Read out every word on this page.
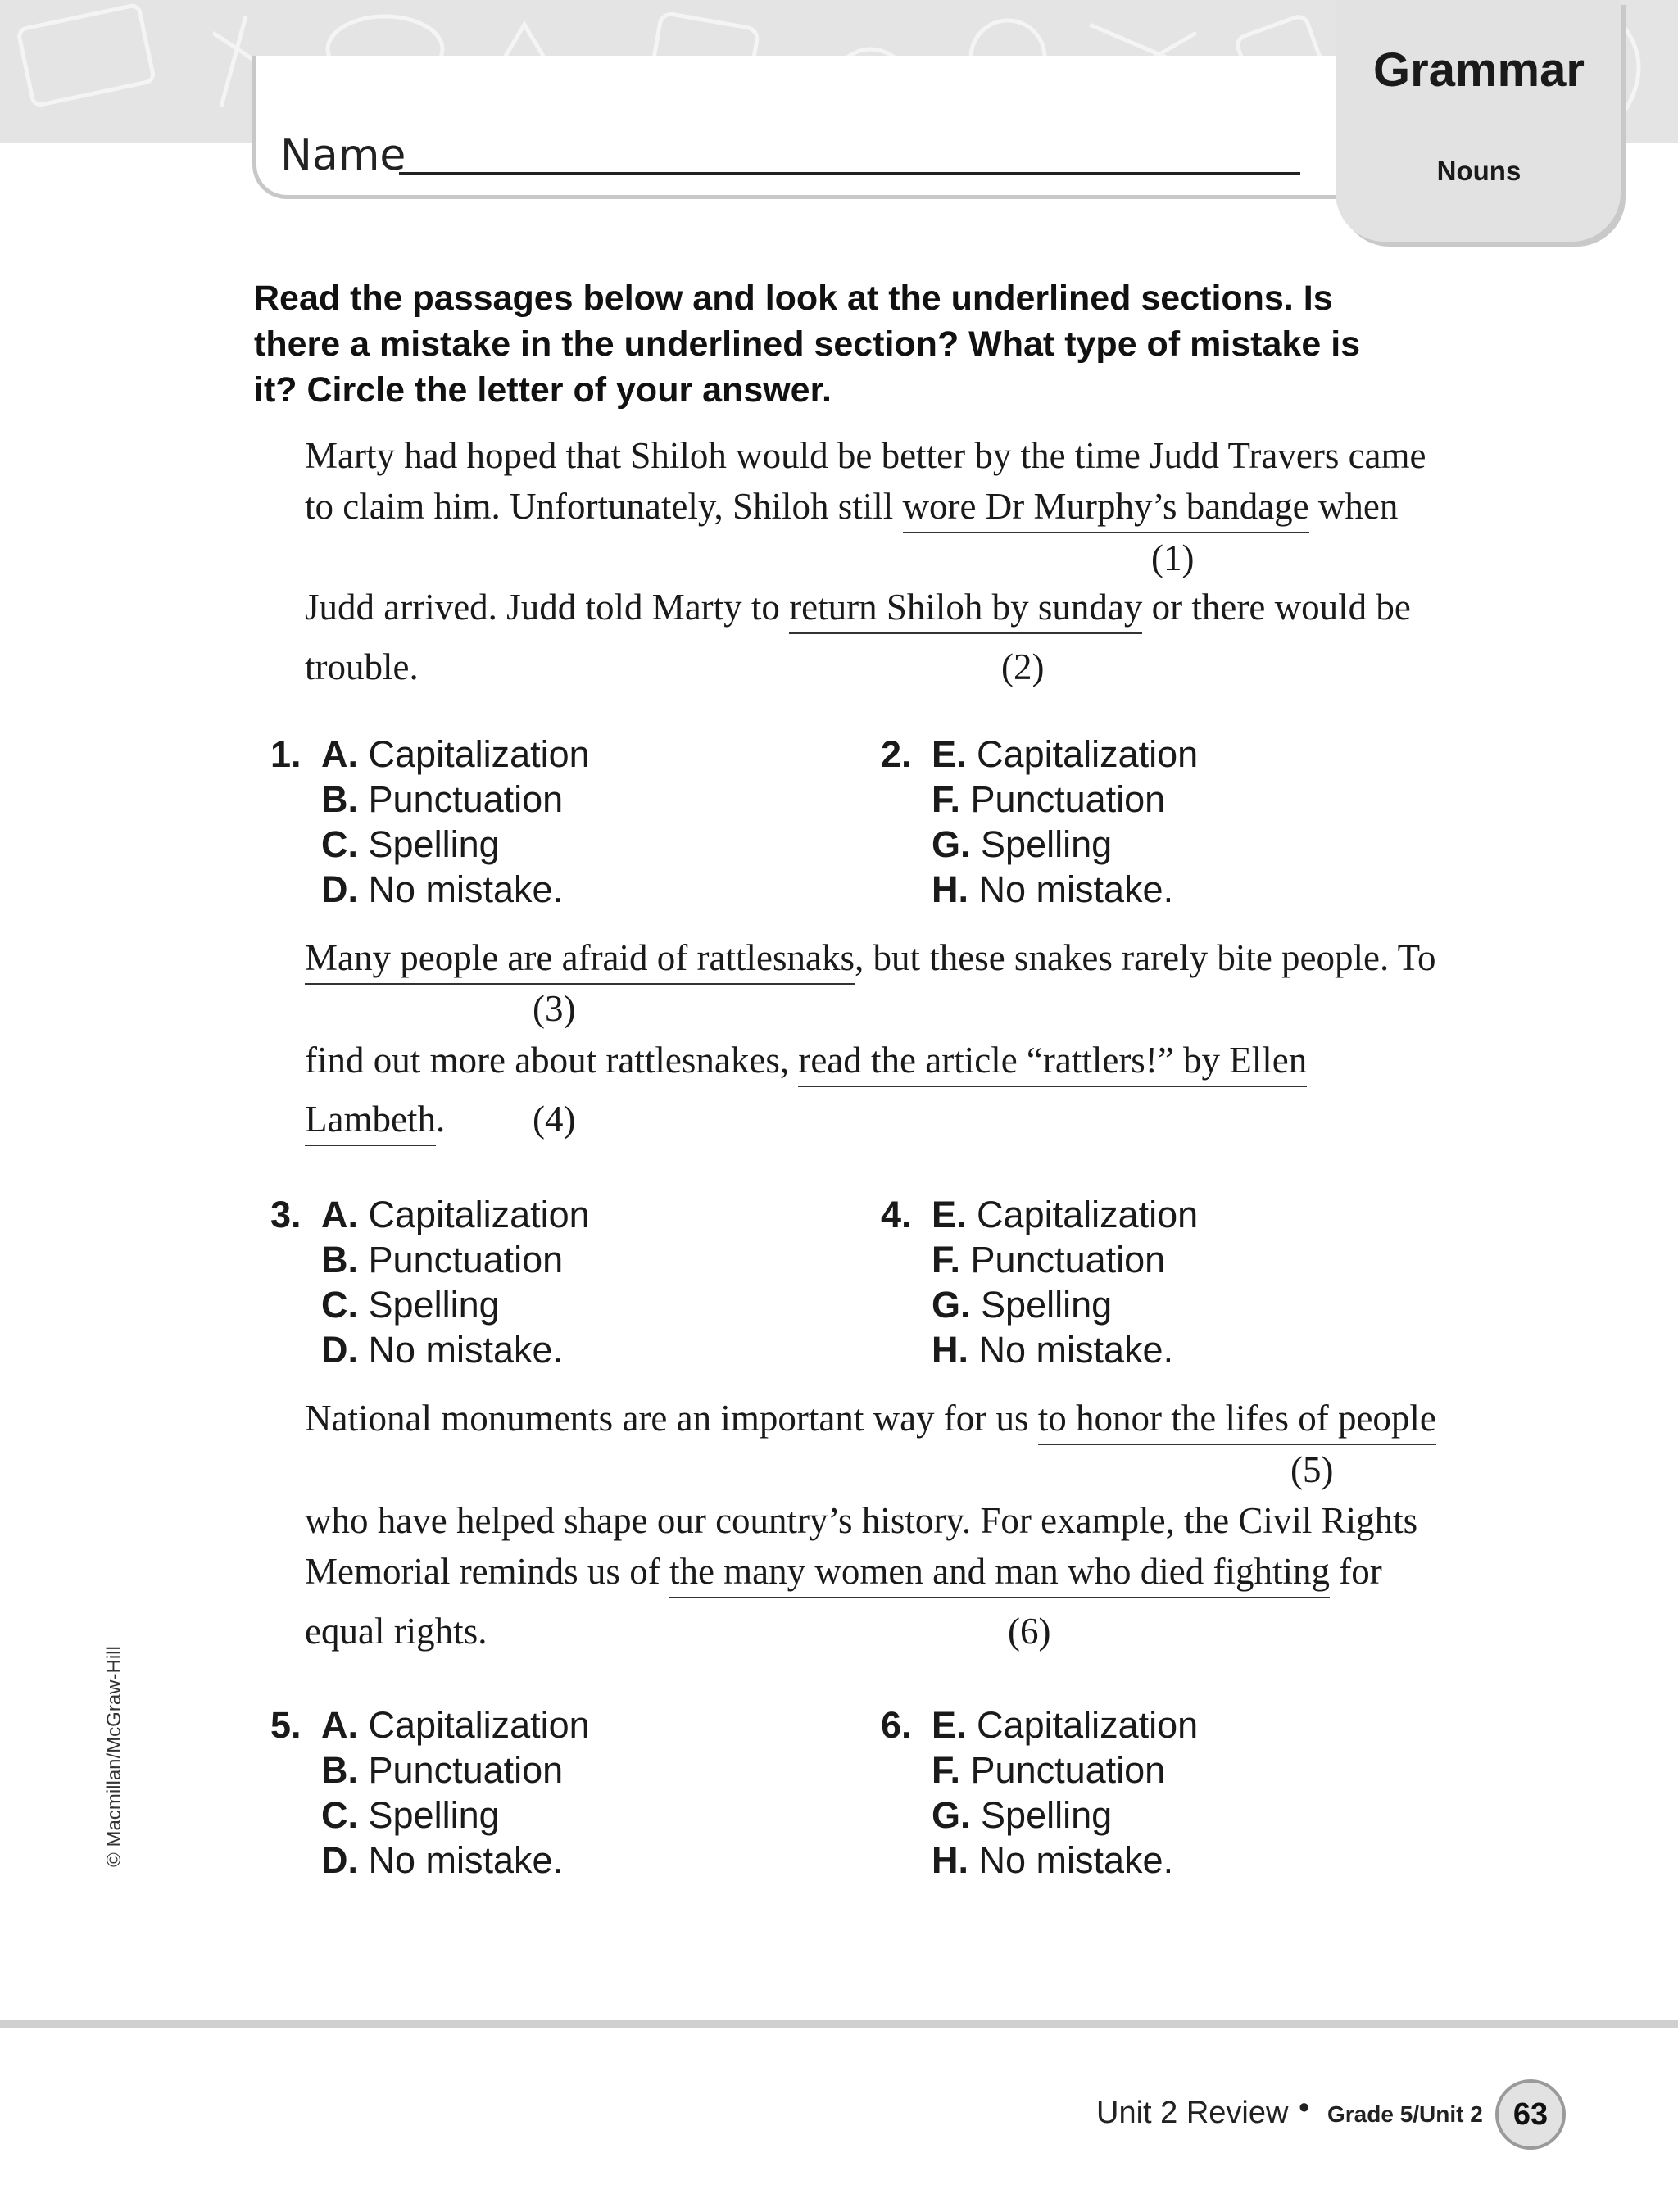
Name
Grammar
Nouns
Read the passages below and look at the underlined sections. Is
there a mistake in the underlined section? What type of mistake is
it? Circle the letter of your answer.
Marty had hoped that Shiloh would be better by the time Judd Travers came
to claim him. Unfortunately, Shiloh still wore Dr Murphy’s bandage when
(1)
Judd arrived. Judd told Marty to return Shiloh by sunday or there would be
trouble.	(2)
1. A. Capitalization
B. Punctuation
C. Spelling
D. No mistake.
2. E. Capitalization
F. Punctuation
G. Spelling
H. No mistake.
Many people are afraid of rattlesnaks, but these snakes rarely bite people. To
(3)
find out more about rattlesnakes, read the article “rattlers!” by Ellen
Lambeth. (4)
3. A. Capitalization
B. Punctuation
C. Spelling
D. No mistake.
4. E. Capitalization
F. Punctuation
G. Spelling
H. No mistake.
National monuments are an important way for us to honor the lifes of people
(5)
who have helped shape our country’s history. For example, the Civil Rights
Memorial reminds us of the many women and man who died fighting for
equal rights.	(6)
5. A. Capitalization
B. Punctuation
C. Spelling
D. No mistake.
6. E. Capitalization
F. Punctuation
G. Spelling
H. No mistake.
© Macmillan/McGraw-Hill
Unit 2 Review • Grade 5/Unit 2 63
